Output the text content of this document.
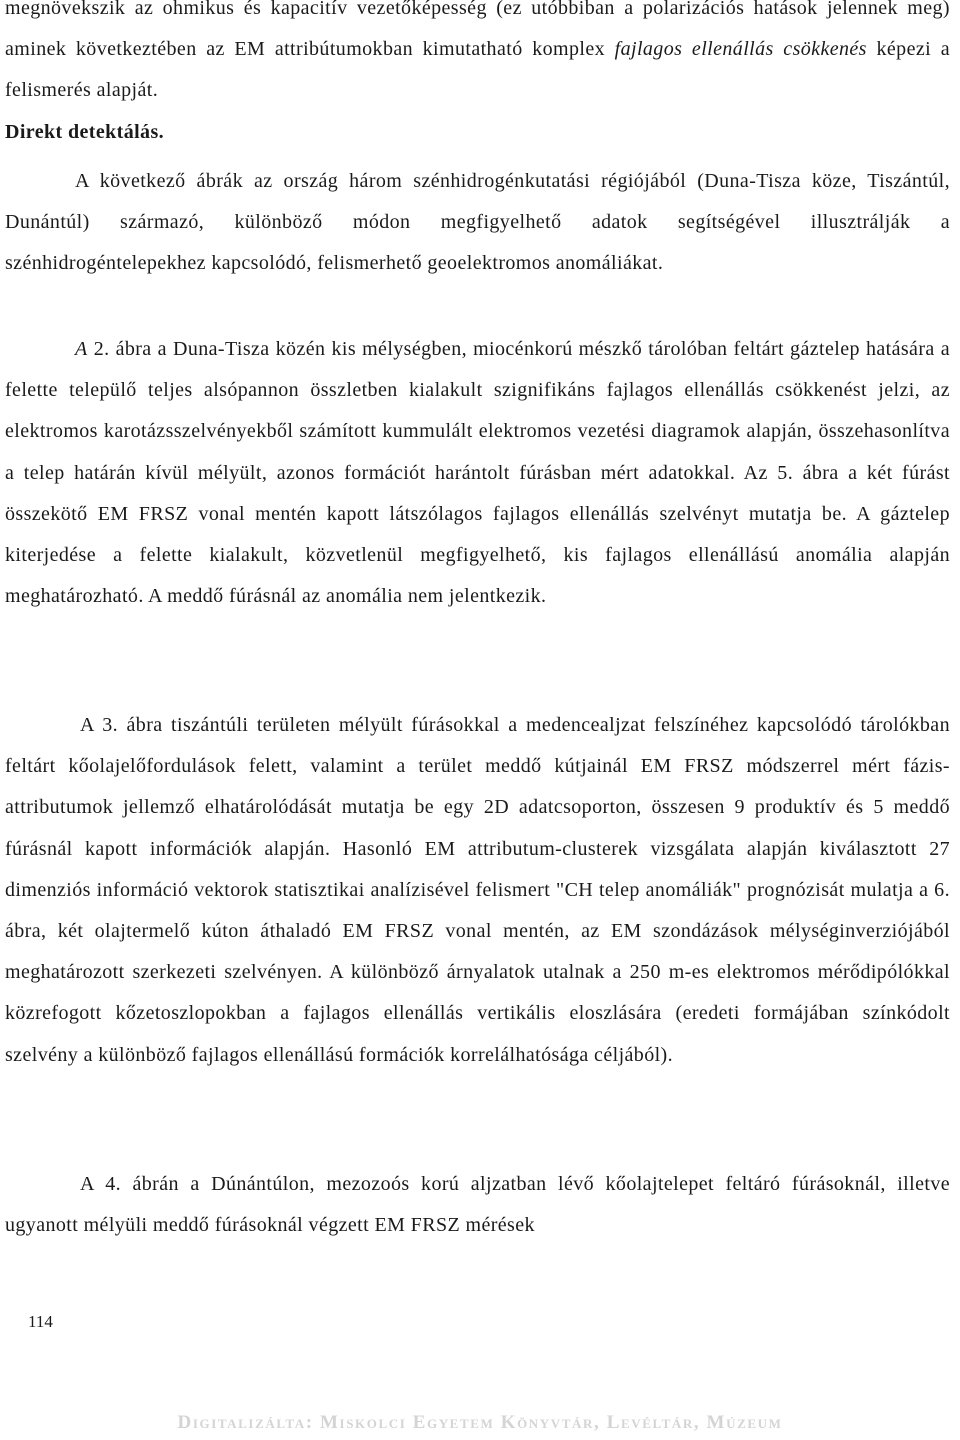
megnövekszik az ohmikus és kapacitív vezetőképesség (ez utóbbiban a polarizációs hatások jelennek meg) aminek következtében az EM attribútumokban kimutatható komplex fajlagos ellenállás csökkenés képezi a felismerés alapját.
Direkt detektálás.

A következő ábrák az ország három szénhidrogénkutatási régiójából (Duna-Tisza köze, Tiszántúl, Dunántúl) származó, különböző módon megfigyelhető adatok segítségével illusztrálják a szénhidrogéntelepekhez kapcsolódó, felismerhető geoelektromos anomáliákat.

A 2. ábra a Duna-Tisza közén kis mélységben, miocénkorú mészkő tárolóban feltárt gáztelep hatására a felette települő teljes alsópannon összletben kialakult szignifikáns fajlagos ellenállás csökkenést jelzi, az elektromos karotázsszelvényekből számított kummulált elektromos vezetési diagramok alapján, összehasonlítva a telep határán kívül mélyült, azonos formációt harántolt fúrásban mért adatokkal. Az 5. ábra a két fúrást összekötő EM FRSZ vonal mentén kapott látszólagos fajlagos ellenállás szelvényt mutatja be. A gáztelep kiterjedése a felette kialakult, közvetlenül megfigyelhető, kis fajlagos ellenállású anomália alapján meghatározható. A meddő fúrásnál az anomália nem jelentkezik.

A 3. ábra tiszántúli területen mélyült fúrásokkal a medencealjzat felszínéhez kapcsolódó tárolókban feltárt kőolajelőfordulások felett, valamint a terület meddő kútjainál EM FRSZ módszerrel mért fázis-attributumok jellemző elhatárolódását mutatja be egy 2D adatcsoporton, összesen 9 produktív és 5 meddő fúrásnál kapott információk alapján. Hasonló EM attributum-clusterek vizsgálata alapján kiválasztott 27 dimenziós információ vektorok statisztikai analízisével felismert "CH telep anomáliák" prognózisát mulatja a 6. ábra, két olajtermelő kúton áthaladó EM FRSZ vonal mentén, az EM szondázások mélységinverziójából meghatározott szerkezeti szelvényen. A különböző árnyalatok utalnak a 250 m-es elektromos mérődipólókkal közrefogott kőzetoszlopokban a fajlagos ellenállás vertikális eloszlására (eredeti formájában színkódolt szelvény a különböző fajlagos ellenállású formációk korrelálhatósága céljából).

A 4. ábrán a Dúnántúlon, mezozoós korú aljzatban lévő kőolajtelepet feltáró fúrásoknál, illetve ugyanott mélyüli meddő fúrásoknál végzett EM FRSZ mérések

114

Digitalizálta: Miskolci Egyetem Könyvtár, Levéltár, Múzeum
